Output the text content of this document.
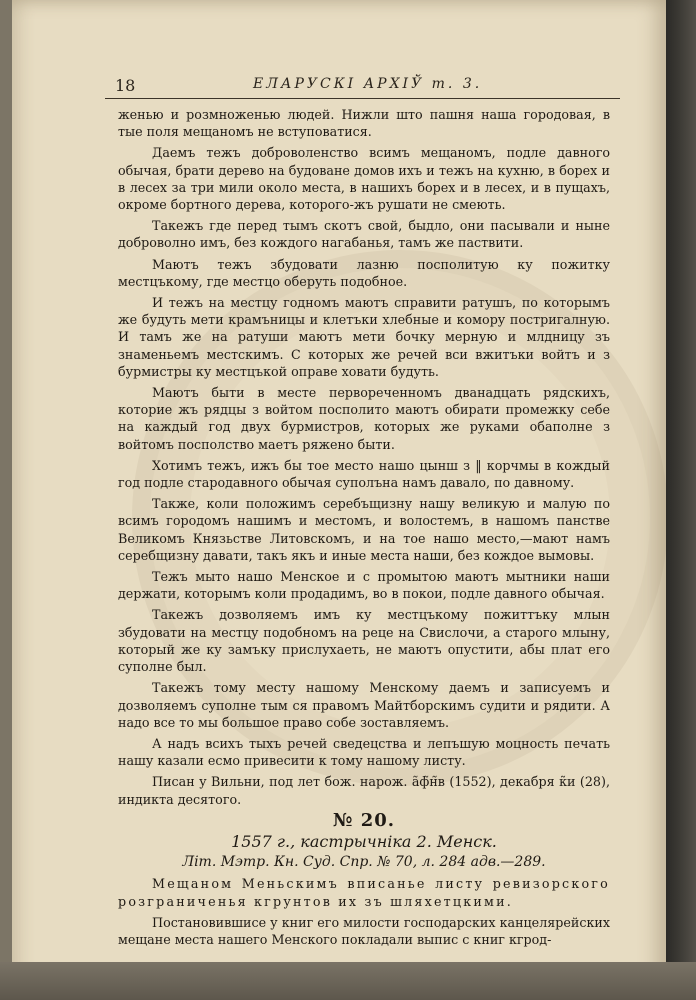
18	ЕЛАРУСКІ АРХІЎ т. 3.

женью и розмноженью людей. Нижли што пашня наша городовая, в тые поля мещаномъ не вступоватися.

Даемъ тежъ доброволенство всимъ мещаномъ, подле давного обычая, брати дерево на будоване домов ихъ и тежъ на кухню, в борех и в лесех за три мили около места, в нашихъ борех и в лесех, и в пущахъ, окроме бортного дерева, которого-жъ рушати не смеють.

Такежъ где перед тымъ скотъ свой, быдло, они пасывали и ныне доброволно имъ, без кождого нагабанья, тамъ же паствити.

Маютъ тежъ збудовати лазню посполитую ку пожитку местцъкому, где местцо оберуть подобное.

И тежъ на местцу годномъ маютъ справити ратушъ, по которымъ же будуть мети крамъницы и клетъки хлебные и комору постригалную. И тамъ же на ратуши маютъ мети бочку мерную и млдницу зъ знаменьемъ местскимъ. С которых же речей вси вжитъки войтъ и з бурмистры ку местцъкой оправе ховати будуть.

Маютъ быти в месте первореченномъ дванадцать рядскихъ, которие жъ рядцы з войтом посполито маютъ обирати промежку себе на каждый год двух бурмистров, которых же руками обаполне з войтомъ посполство маетъ ряжено быти.

Хотимъ тежъ, ижъ бы тое место нашо цынш з ‖ корчмы в кождый год подле стародавного обычая суполъна намъ давало, по давному.

Также, коли положимъ серебъщизну нашу великую и малую по всимъ городомъ нашимъ и местомъ, и волостемъ, в нашомъ панстве Великомъ Князьстве Литовскомъ, и на тое нашо место,—мают намъ серебщизну давати, такъ якъ и иные места наши, без кождое вымовы.

Тежъ мыто нашо Менское и с промытою маютъ мытники наши держати, которымъ коли продадимъ, во в покои, подле давного обычая.

Такежъ дозволяемъ имъ ку местцъкому пожиттъку млын збудовати на местцу подобномъ на реце на Свислочи, а старого млыну, который же ку замъку прислухаеть, не маютъ опустити, абы плат его суполне был.

Такежъ тому месту нашому Менскому даемъ и записуемъ и дозволяемъ суполне тым ся правомъ Майтборскимъ судити и рядити. А надо все то мы большое право собе зоставляемъ.

А надъ всихъ тыхъ речей сведецства и лепъшую моцность печать нашу казали есмо привесити к тому нашому листу.

Писан у Вильни, под лет бож. нарож. а̃ф̃н̃в (1552), декабря к̃и (28), индикта десятого.

№ 20.

1557 г., кастрычніка 2. Менск.

Літ. Мэтр. Кн. Суд. Спр. № 70, л. 284 адв.—289.

Мещаном Меньскимъ вписанье листу ревизорского розграниченья кгрунтов их зъ шляхетцкими.

Постановившисе у книг его милости господарских канцелярейских мещане места нашего Менского покладали выпис с книг кгрод-
